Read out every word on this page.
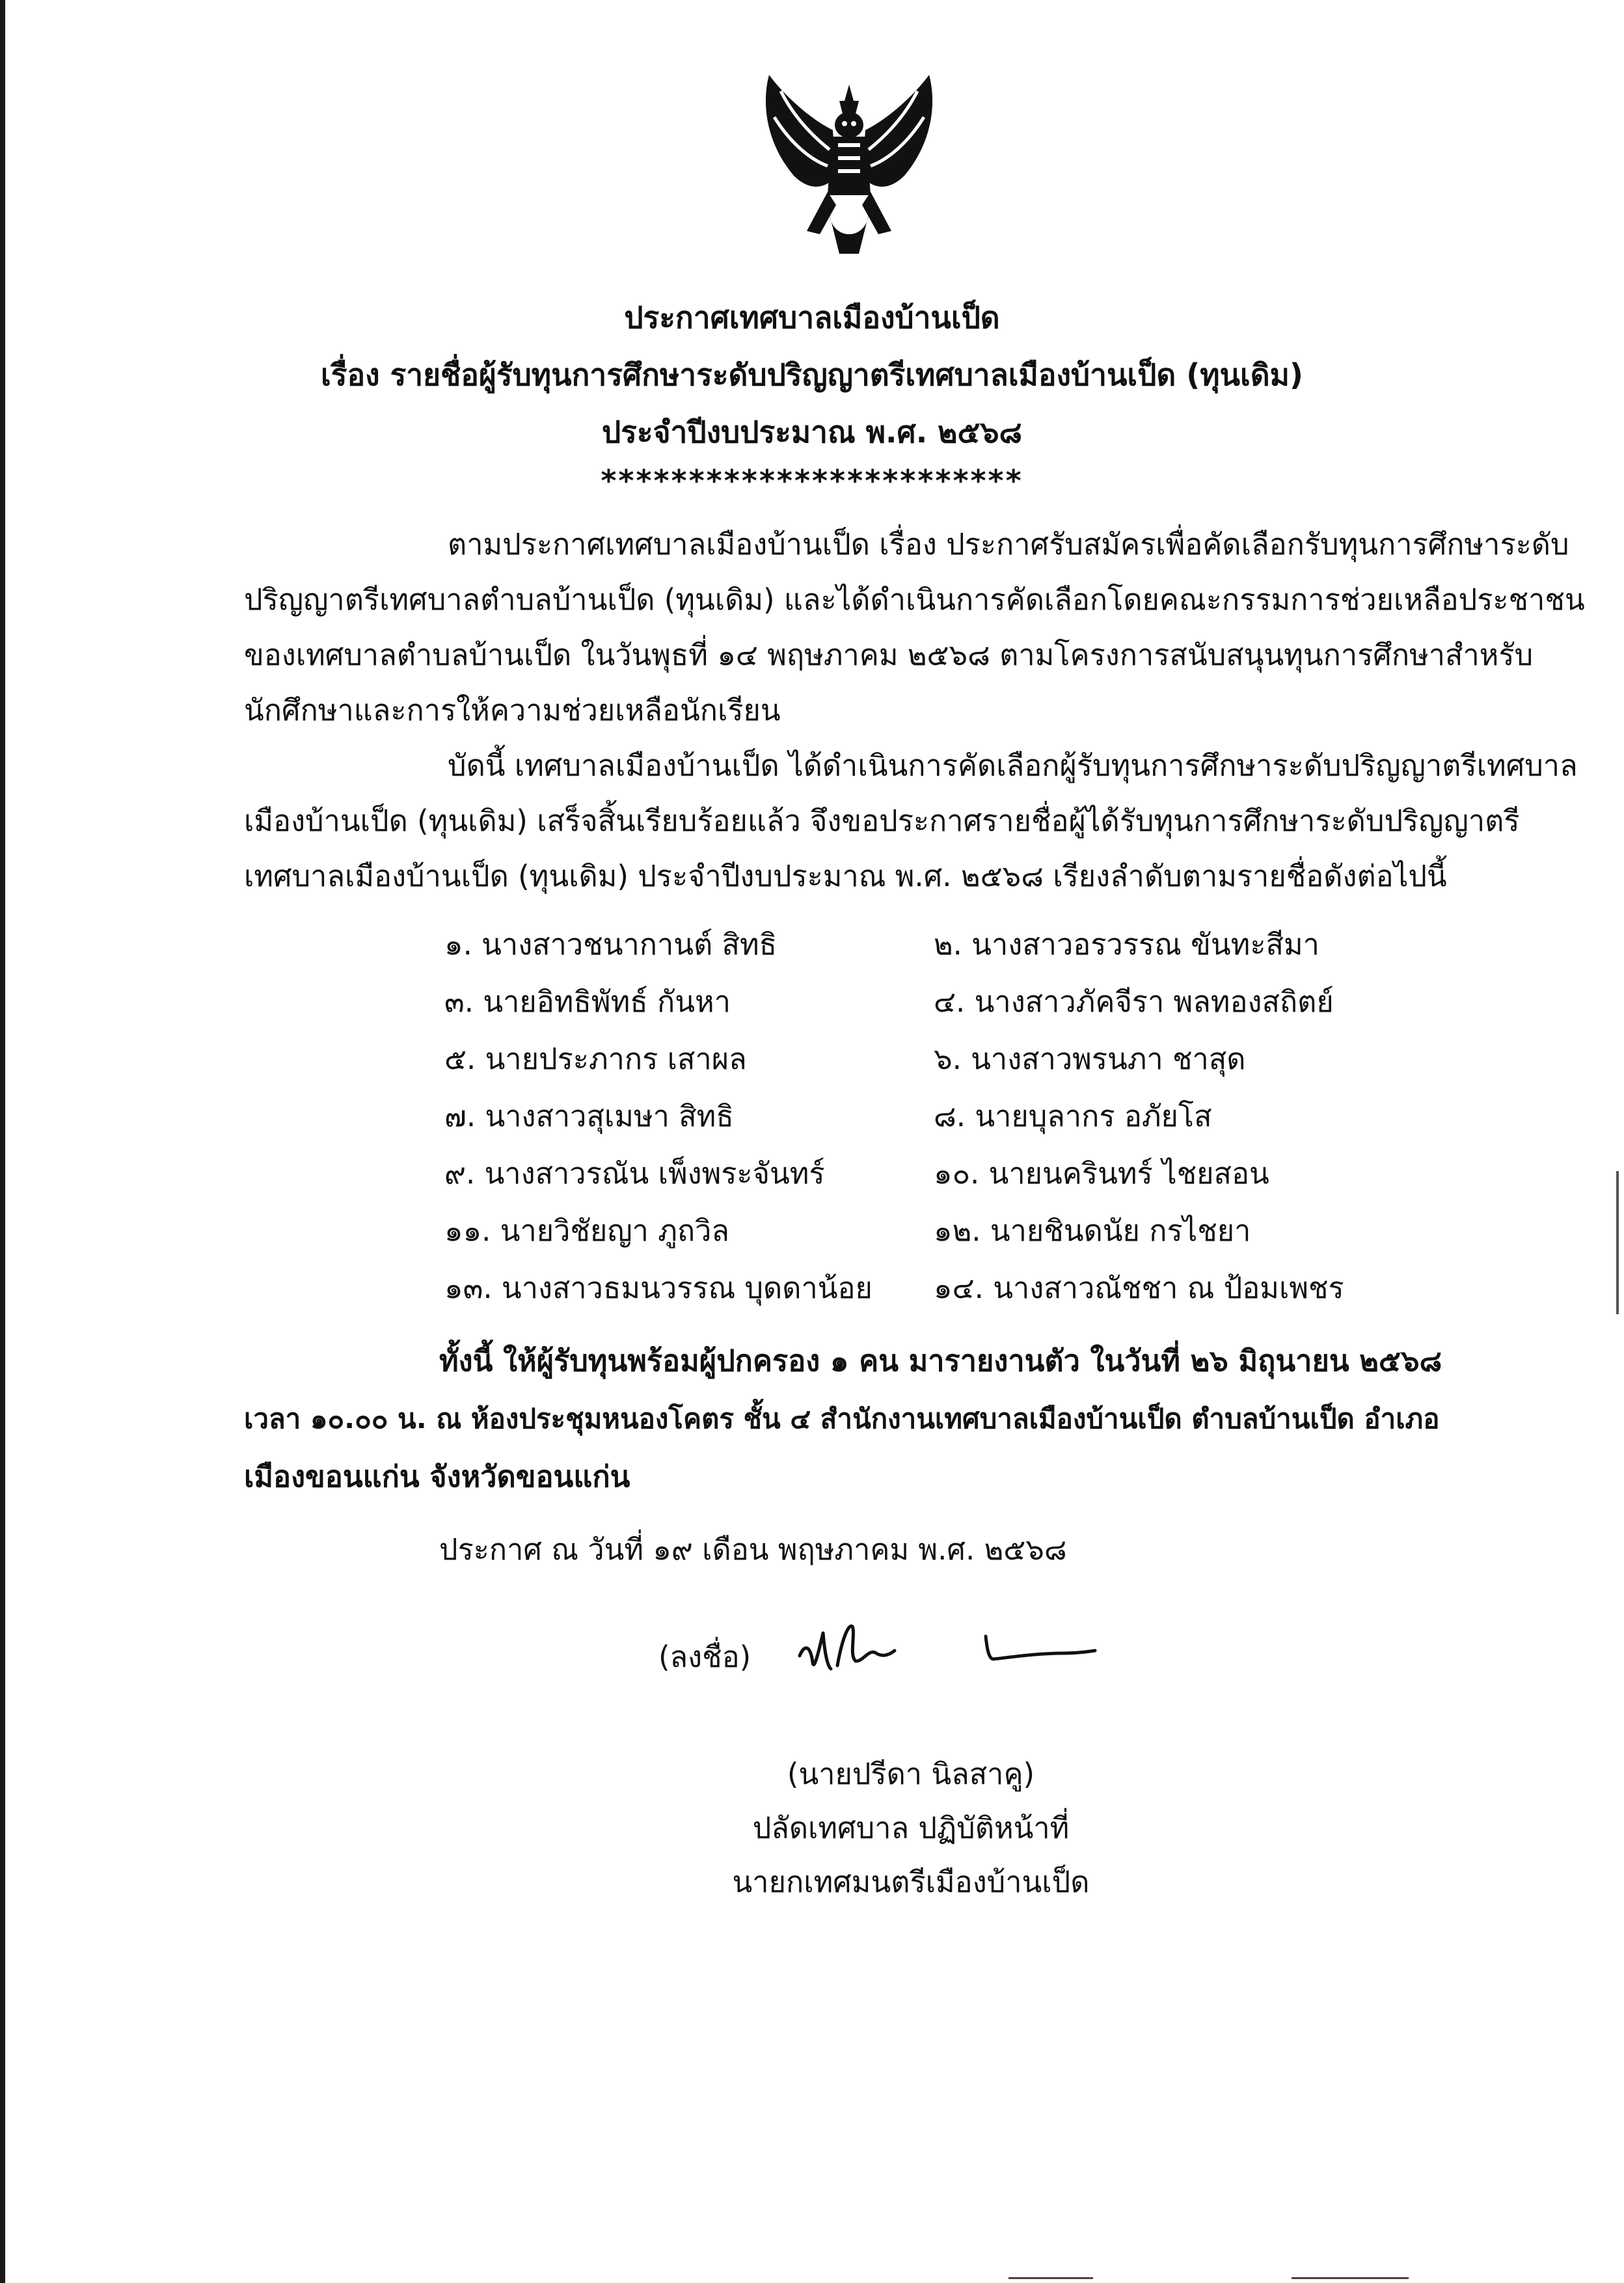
ประกาศเทศบาลเมืองบ้านเป็ด
เรื่อง รายชื่อผู้รับทุนการศึกษาระดับปริญญาตรีเทศบาลเมืองบ้านเป็ด (ทุนเดิม)
ประจำปีงบประมาณ พ.ศ. ๒๕๖๘
************************
ตามประกาศเทศบาลเมืองบ้านเป็ด เรื่อง ประกาศรับสมัครเพื่อคัดเลือกรับทุนการศึกษาระดับ
ปริญญาตรีเทศบาลตำบลบ้านเป็ด (ทุนเดิม) และได้ดำเนินการคัดเลือกโดยคณะกรรมการช่วยเหลือประชาชน
ของเทศบาลตำบลบ้านเป็ด ในวันพุธที่ ๑๔ พฤษภาคม ๒๕๖๘ ตามโครงการสนับสนุนทุนการศึกษาสำหรับ
นักศึกษาและการให้ความช่วยเหลือนักเรียน
บัดนี้ เทศบาลเมืองบ้านเป็ด ได้ดำเนินการคัดเลือกผู้รับทุนการศึกษาระดับปริญญาตรีเทศบาล
เมืองบ้านเป็ด (ทุนเดิม) เสร็จสิ้นเรียบร้อยแล้ว จึงขอประกาศรายชื่อผู้ได้รับทุนการศึกษาระดับปริญญาตรี
เทศบาลเมืองบ้านเป็ด (ทุนเดิม) ประจำปีงบประมาณ พ.ศ. ๒๕๖๘ เรียงลำดับตามรายชื่อดังต่อไปนี้
๑. นางสาวชนากานต์ สิทธิ	๒. นางสาวอรวรรณ ขันทะสีมา
๓. นายอิทธิพัทธ์ กันหา	๔. นางสาวภัคจีรา พลทองสถิตย์
๕. นายประภากร เสาผล	๖. นางสาวพรนภา ชาสุด
๗. นางสาวสุเมษา สิทธิ	๘. นายบุลากร อภัยโส
๙. นางสาวรณัน เพ็งพระจันทร์	๑๐. นายนครินทร์ ไชยสอน
๑๑. นายวิชัยญา ภูถวิล	๑๒. นายชินดนัย กรไชยา
๑๓. นางสาวธมนวรรณ บุดดาน้อย ๑๔. นางสาวณัชชา ณ ป้อมเพชร
ทั้งนี้ ให้ผู้รับทุนพร้อมผู้ปกครอง ๑ คน มารายงานตัว ในวันที่ ๒๖ มิถุนายน ๒๕๖๘
เวลา ๑๐.๐๐ น. ณ ห้องประชุมหนองโคตร ชั้น ๔ สำนักงานเทศบาลเมืองบ้านเป็ด ตำบลบ้านเป็ด อำเภอ
เมืองขอนแก่น จังหวัดขอนแก่น
ประกาศ ณ วันที่ ๑๙ เดือน พฤษภาคม พ.ศ. ๒๕๖๘
(ลงชื่อ)
(นายปรีดา นิลสาคู)
ปลัดเทศบาล ปฏิบัติหน้าที่
นายกเทศมนตรีเมืองบ้านเป็ด
